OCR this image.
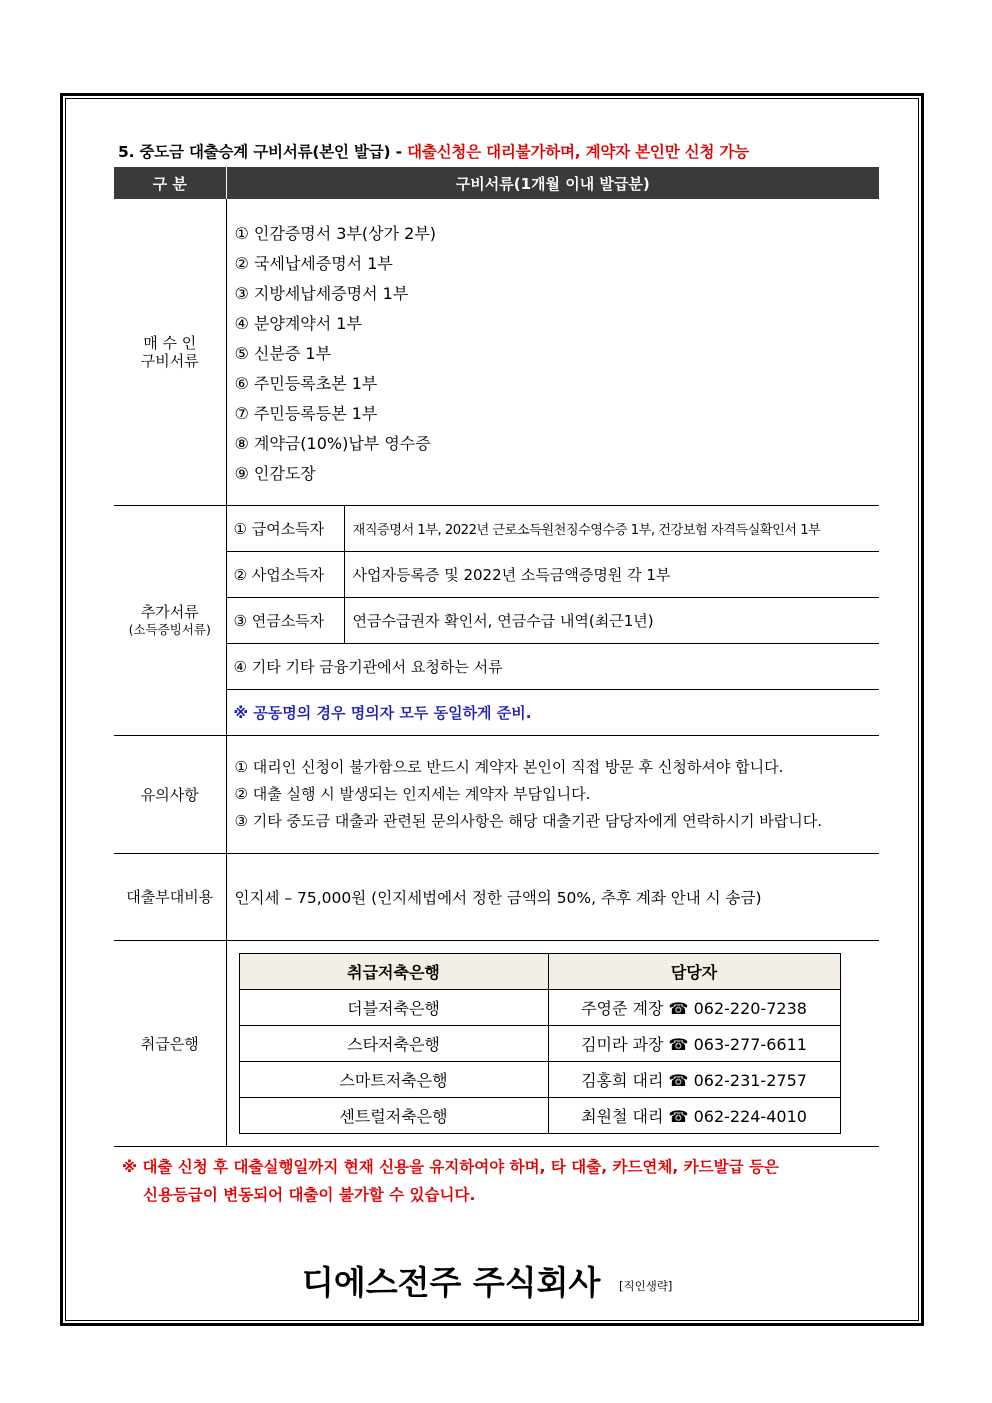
5. 중도금 대출승계 구비서류(본인 발급) - 대출신청은 대리불가하며, 계약자 본인만 신청 가능
구 분	구비서류(1개월 이내 발급분)

매 수 인
구비서류

① 인감증명서 3부(상가 2부)
② 국세납세증명서 1부
③ 지방세납세증명서 1부
④ 분양계약서 1부
⑤ 신분증 1부
⑥ 주민등록초본 1부
⑦ 주민등록등본 1부
⑧ 계약금(10%)납부 영수증
⑨ 인감도장

추가서류
(소득증빙서류)

① 급여소득자	재직증명서 1부, 2022년 근로소득원천징수영수증 1부, 건강보험 자격득실확인서 1부
② 사업소득자	사업자등록증 및 2022년 소득금액증명원 각 1부
③ 연금소득자	연금수급권자 확인서, 연금수급 내역(최근1년)
④ 기타 기타 금융기관에서 요청하는 서류
※ 공동명의 경우 명의자 모두 동일하게 준비.

유의사항	
① 대리인 신청이 불가함으로 반드시 계약자 본인이 직접 방문 후 신청하셔야 합니다.
② 대출 실행 시 발생되는 인지세는 계약자 부담입니다.
③ 기타 중도금 대출과 관련된 문의사항은 해당 대출기관 담당자에게 연락하시기 바랍니다.

대출부대비용	인지세 – 75,000원 (인지세법에서 정한 금액의 50%, 추후 계좌 안내 시 송금)
취급은행	
취급저축은행	담당자
더블저축은행	주영준 계장 ☎ 062-220-7238
스타저축은행	김미라 과장 ☎ 063-277-6611
스마트저축은행	김홍희 대리 ☎ 062-231-2757
센트럴저축은행	최원철 대리 ☎ 062-224-4010
※ 대출 신청 후 대출실행일까지 현재 신용을 유지하여야 하며, 타 대출, 카드연체, 카드발급 등은
신용등급이 변동되어 대출이 불가할 수 있습니다.
디에스전주 주식회사 [직인생략]
